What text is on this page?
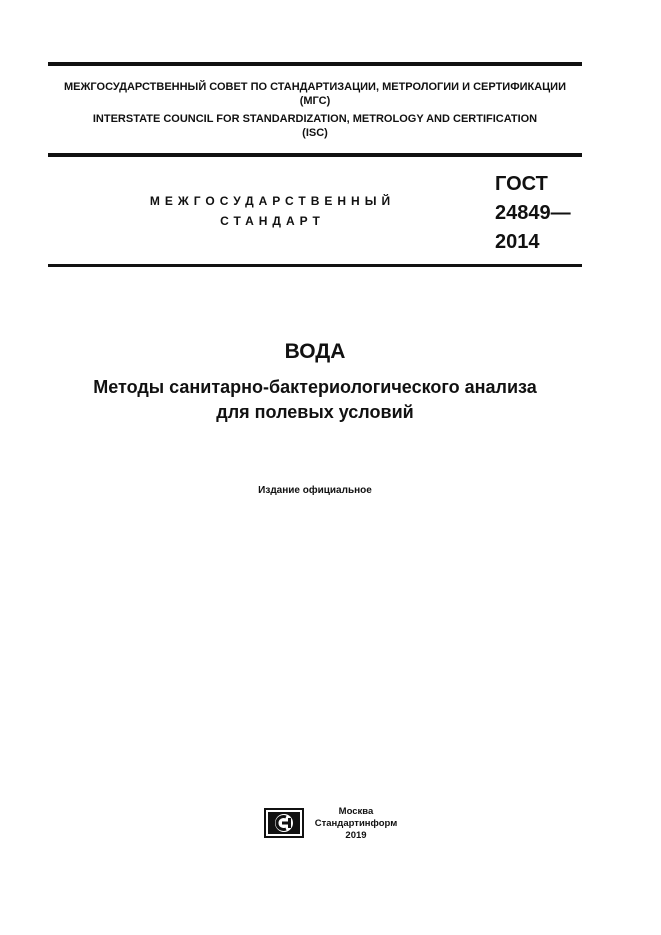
МЕЖГОСУДАРСТВЕННЫЙ СОВЕТ ПО СТАНДАРТИЗАЦИИ, МЕТРОЛОГИИ И СЕРТИФИКАЦИИ
(МГС)
INTERSTATE COUNCIL FOR STANDARDIZATION, METROLOGY AND CERTIFICATION
(ISC)
МЕЖГОСУДАРСТВЕННЫЙ
СТАНДАРТ
ГОСТ
24849—
2014
ВОДА
Методы санитарно-бактериологического анализа
для полевых условий
Издание официальное
Москва
Стандартинформ
2019
